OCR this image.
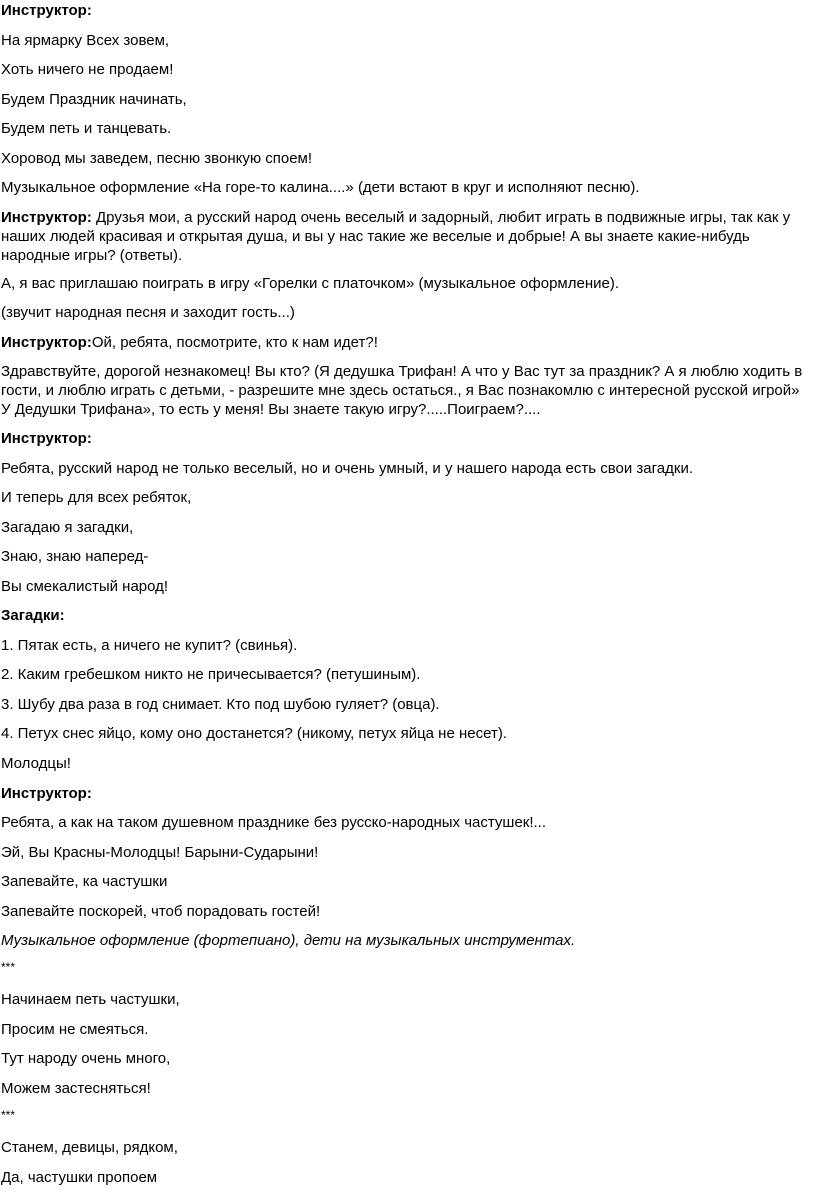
Инструктор:

На ярмарку Всех зовем,

Хоть ничего не продаем!

Будем Праздник начинать,

Будем петь и танцевать.

Хоровод мы заведем, песню звонкую споем!

Музыкальное оформление «На горе-то калина....» (дети встают в круг и исполняют песню).

Инструктор: Друзья мои, а русский народ очень веселый и задорный, любит играть в подвижные игры, так как у наших людей красивая и открытая душа, и вы у нас такие же веселые и добрые! А вы знаете какие-нибудь народные игры? (ответы).

А, я вас приглашаю поиграть в игру «Горелки с платочком» (музыкальное оформление).

(звучит народная песня и заходит гость...)

Инструктор:Ой, ребята, посмотрите, кто к нам идет?!

Здравствуйте, дорогой незнакомец! Вы кто? (Я дедушка Трифан! А что у Вас тут за праздник? А я люблю ходить в гости, и люблю играть с детьми, - разрешите мне здесь остаться., я Вас познакомлю с интересной русской игрой» У Дедушки Трифана», то есть у меня! Вы знаете такую игру?.....Поиграем?....

Инструктор:

Ребята, русский народ не только веселый, но и очень умный, и у нашего народа есть свои загадки.

И теперь для всех ребяток,

Загадаю я загадки,

Знаю, знаю наперед-

Вы смекалистый народ!

Загадки:

1. Пятак есть, а ничего не купит? (свинья).

2. Каким гребешком никто не причесывается? (петушиным).

3. Шубу два раза в год снимает. Кто под шубою гуляет? (овца).

4. Петух снес яйцо, кому оно достанется? (никому, петух яйца не несет).

Молодцы!

Инструктор:

Ребята, а как на таком душевном празднике без русско-народных частушек!...

Эй, Вы Красны-Молодцы! Барыни-Сударыни!

Запевайте, ка частушки

Запевайте поскорей, чтоб порадовать гостей!

Музыкальное оформление (фортепиано), дети на музыкальных инструментах.

***

Начинаем петь частушки,

Просим не смеяться.

Тут народу очень много,

Можем застесняться!

***

Станем, девицы, рядком,

Да, частушки пропоем
